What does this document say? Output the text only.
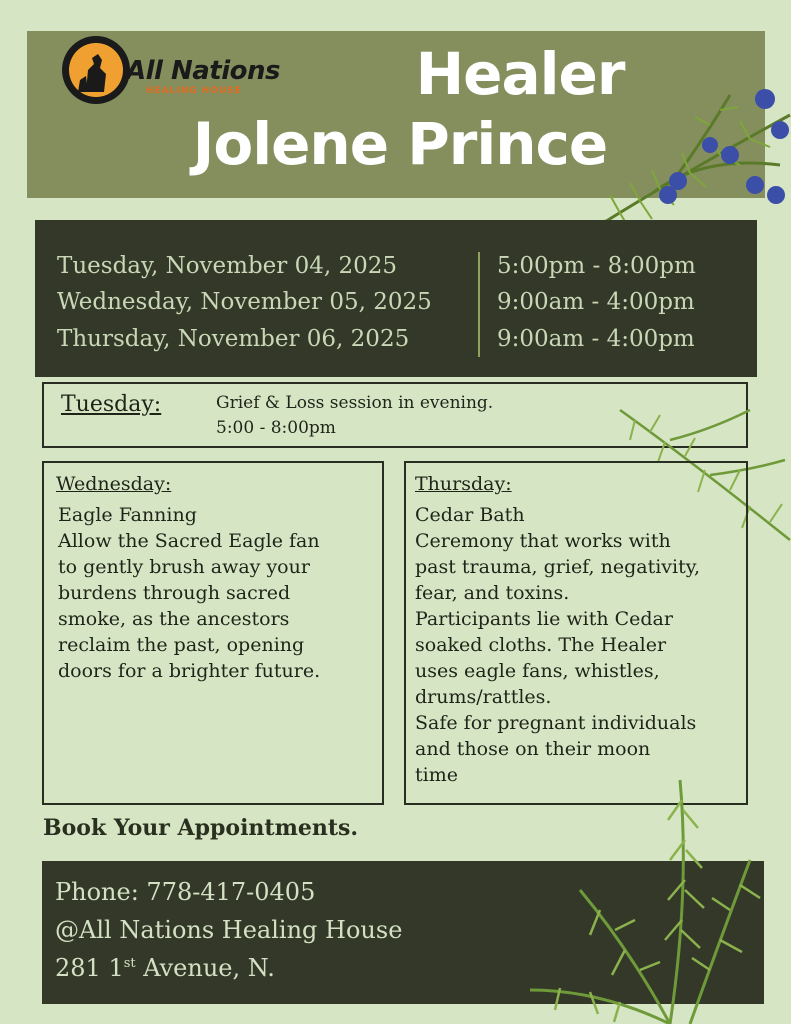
All Nations
HEALING HOUSE	Healer
Jolene Prince
Tuesday, November 04, 2025
Wednesday, November 05, 2025
Thursday, November 06, 2025
5:00pm - 8:00pm
9:00am - 4:00pm
9:00am - 4:00pm
Tuesday:	Grief & Loss session in evening.
5:00 - 8:00pm
Wednesday:
Eagle Fanning
Allow the Sacred Eagle fan
to gently brush away your
burdens through sacred
smoke, as the ancestors
reclaim the past, opening
doors for a brighter future.
Thursday:
Cedar Bath
Ceremony that works with
past trauma, grief, negativity,
fear, and toxins.
Participants lie with Cedar
soaked cloths. The Healer
uses eagle fans, whistles,
drums/rattles.
Safe for pregnant individuals
and those on their moon
time
Book Your Appointments.
Phone: 778-417-0405
@All Nations Healing House
281 1st Avenue, N.
